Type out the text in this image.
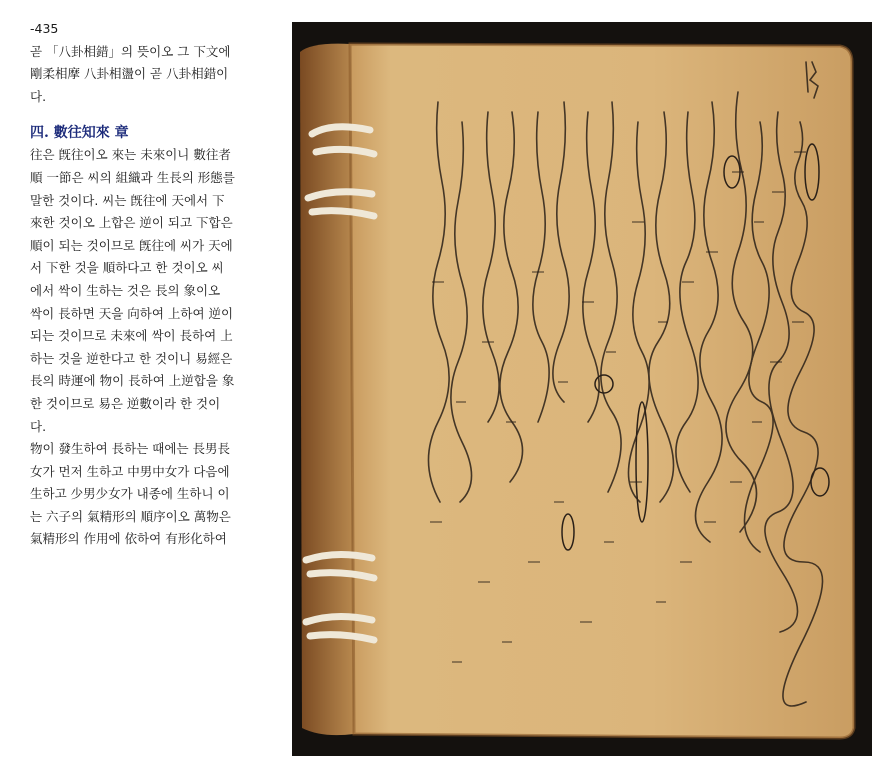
-435

곧 「八卦相錯」의 뜻이오 그 下文에
剛柔相摩 八卦相盪이 곧 八卦相錯이
다.

四. 數往知來 章

往은 旣往이오 來는 未來이니 數往者
順 一節은 씨의 組織과 生長의 形態를
말한 것이다. 씨는 旣往에 天에서 下
來한 것이오 上합은 逆이 되고 下합은
順이 되는 것이므로 旣往에 씨가 天에
서 下한 것을 順하다고 한 것이오 씨
에서 싹이 生하는 것은 長의 象이오
싹이 長하면 天을 向하여 上하여 逆이
되는 것이므로 未來에 싹이 長하여 上
하는 것을 逆한다고 한 것이니 易經은
長의 時運에 物이 長하여 上逆합을 象
한 것이므로 易은 逆數이라 한 것이
다.

物이 發生하여 長하는 때에는 長男長
女가 먼저 生하고 中男中女가 다음에
生하고 少男少女가 내종에 生하니 이
는 六子의 氣精形의 順序이오 萬物은
氣精形의 作用에 依하여 有形化하여
